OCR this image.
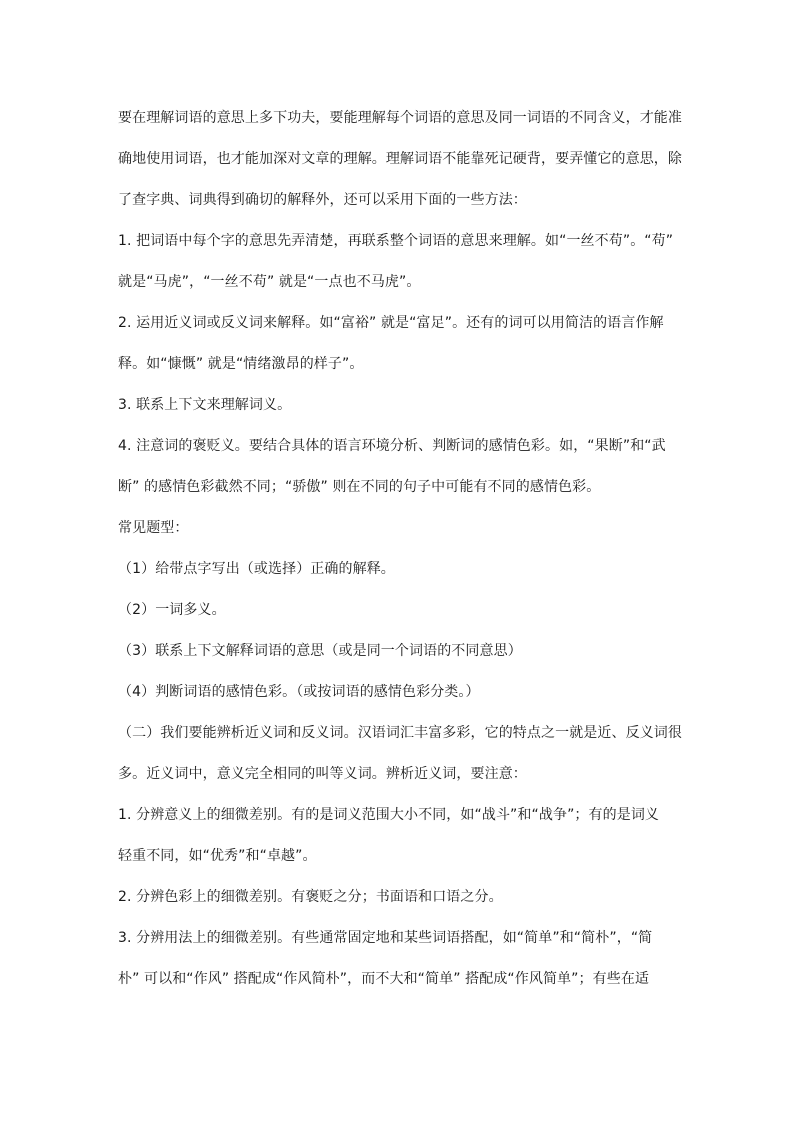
要在理解词语的意思上多下功夫，要能理解每个词语的意思及同一词语的不同含义，才能准
确地使用词语，也才能加深对文章的理解。理解词语不能靠死记硬背，要弄懂它的意思，除
了查字典、词典得到确切的解释外，还可以采用下面的一些方法：
1. 把词语中每个字的意思先弄清楚，再联系整个词语的意思来理解。如“一丝不苟”。“苟”
就是“马虎”，“一丝不苟” 就是“一点也不马虎”。
2. 运用近义词或反义词来解释。如“富裕” 就是“富足”。还有的词可以用简洁的语言作解
释。如“慷慨” 就是“情绪激昂的样子”。
3. 联系上下文来理解词义。
4. 注意词的褒贬义。要结合具体的语言环境分析、判断词的感情色彩。如，“果断”和“武
断” 的感情色彩截然不同；“骄傲” 则在不同的句子中可能有不同的感情色彩。
常见题型：
（1）给带点字写出（或选择）正确的解释。
（2）一词多义。
（3）联系上下文解释词语的意思（或是同一个词语的不同意思）
（4）判断词语的感情色彩。（或按词语的感情色彩分类。）
（二）我们要能辨析近义词和反义词。汉语词汇丰富多彩，它的特点之一就是近、反义词很
多。近义词中，意义完全相同的叫等义词。辨析近义词，要注意：
1. 分辨意义上的细微差别。有的是词义范围大小不同，如“战斗”和“战争”；有的是词义
轻重不同，如“优秀”和“卓越”。
2. 分辨色彩上的细微差别。有褒贬之分；书面语和口语之分。
3. 分辨用法上的细微差别。有些通常固定地和某些词语搭配，如“简单”和“简朴”，“简
朴” 可以和“作风” 搭配成“作风简朴”，而不大和“简单” 搭配成“作风简单”；有些在适
